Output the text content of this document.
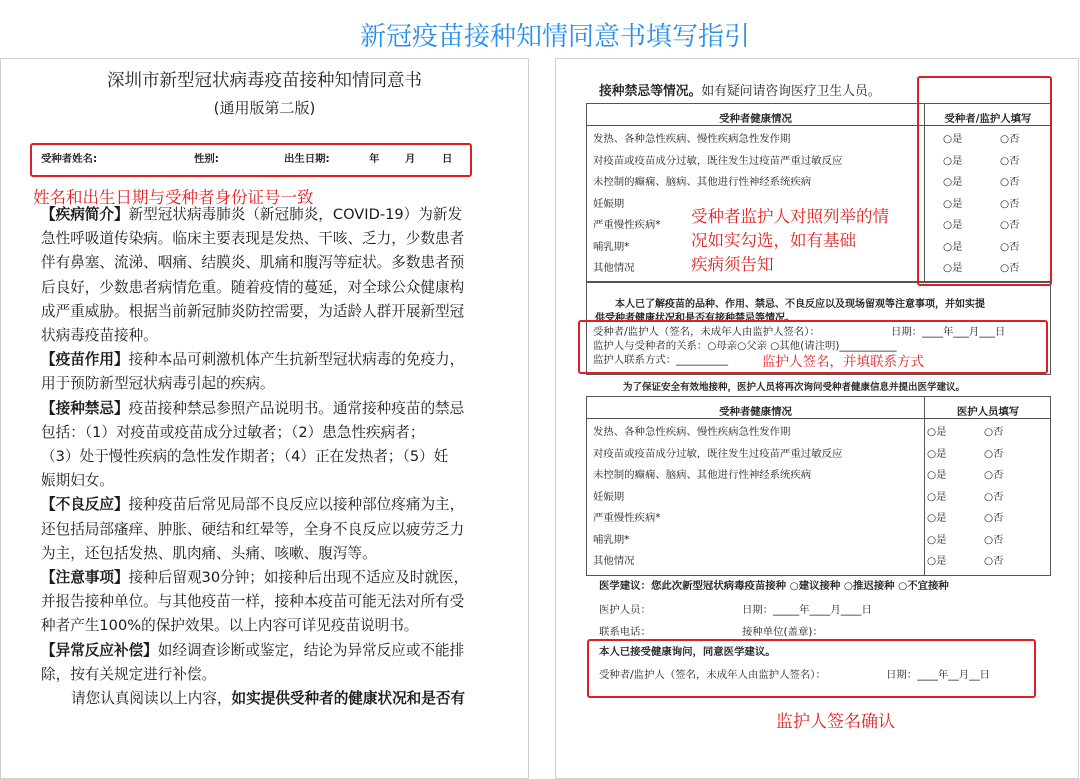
新冠疫苗接种知情同意书填写指引
深圳市新型冠状病毒疫苗接种知情同意书
(通用版第二版)
受种者姓名:	性别:	出生日期:	年 月	日
姓名和出生日期与受种者身份证号一致
【疾病简介】新型冠状病毒肺炎（新冠肺炎，COVID-19）为新发
急性呼吸道传染病。临床主要表现是发热、干咳、乏力，少数患者
伴有鼻塞、流涕、咽痛、结膜炎、肌痛和腹泻等症状。多数患者预
后良好，少数患者病情危重。随着疫情的蔓延，对全球公众健康构
成严重威胁。根据当前新冠肺炎防控需要，为适龄人群开展新型冠
状病毒疫苗接种。
【疫苗作用】接种本品可刺激机体产生抗新型冠状病毒的免疫力，
用于预防新型冠状病毒引起的疾病。
【接种禁忌】疫苗接种禁忌参照产品说明书。通常接种疫苗的禁忌
包括：（1）对疫苗或疫苗成分过敏者；（2）患急性疾病者；
（3）处于慢性疾病的急性发作期者；（4）正在发热者；（5）妊
娠期妇女。
【不良反应】接种疫苗后常见局部不良反应以接种部位疼痛为主，
还包括局部瘙痒、肿胀、硬结和红晕等，全身不良反应以疲劳乏力
为主，还包括发热、肌肉痛、头痛、咳嗽、腹泻等。
【注意事项】接种后留观30分钟；如接种后出现不适应及时就医，
并报告接种单位。与其他疫苗一样，接种本疫苗可能无法对所有受
种者产生100%的保护效果。以上内容可详见疫苗说明书。
【异常反应补偿】如经调查诊断或鉴定，结论为异常反应或不能排
除，按有关规定进行补偿。
请您认真阅读以上内容，如实提供受种者的健康状况和是否有
接种禁忌等情况。如有疑问请咨询医疗卫生人员。
受种者健康情况	受种者/监护人填写
发热、各种急性疾病、慢性疾病急性发作期	○是	○否
对疫苗或疫苗成分过敏，既往发生过疫苗严重过敏反应	○是	○否
未控制的癫痫、脑病、其他进行性神经系统疾病	○是	○否
妊娠期	○是	○否
严重慢性疾病*	○是	○否
哺乳期*	○是	○否
其他情况	○是	○否
受种者监护人对照列举的情
况如实勾选，如有基础
疾病须告知
本人已了解疫苗的品种、作用、禁忌、不良反应以及现场留观等注意事项，并如实提
供受种者健康状况和是否有接种禁忌等情况。
受种者/监护人（签名，未成年人由监护人签名）：	日期：____年___月___日
监护人与受种者的关系：○母亲○父亲 ○其他(请注明)___________
监护人联系方式：__________	监护人签名，并填联系方式
为了保证安全有效地接种，医护人员将再次询问受种者健康信息并提出医学建议。
受种者健康情况	医护人员填写
发热、各种急性疾病、慢性疾病急性发作期	○是	○否
对疫苗或疫苗成分过敏，既往发生过疫苗严重过敏反应	○是	○否
未控制的癫痫、脑病、其他进行性神经系统疾病	○是	○否
妊娠期	○是	○否
严重慢性疾病*	○是	○否
哺乳期*	○是	○否
其他情况	○是	○否
医学建议：您此次新型冠状病毒疫苗接种 ○建议接种 ○推迟接种 ○不宜接种
医护人员：	日期：_____年____月____日
联系电话：	接种单位(盖章)：
本人已接受健康询问，同意医学建议。
受种者/监护人（签名，未成年人由监护人签名）：	日期：____年__月__日
监护人签名确认
